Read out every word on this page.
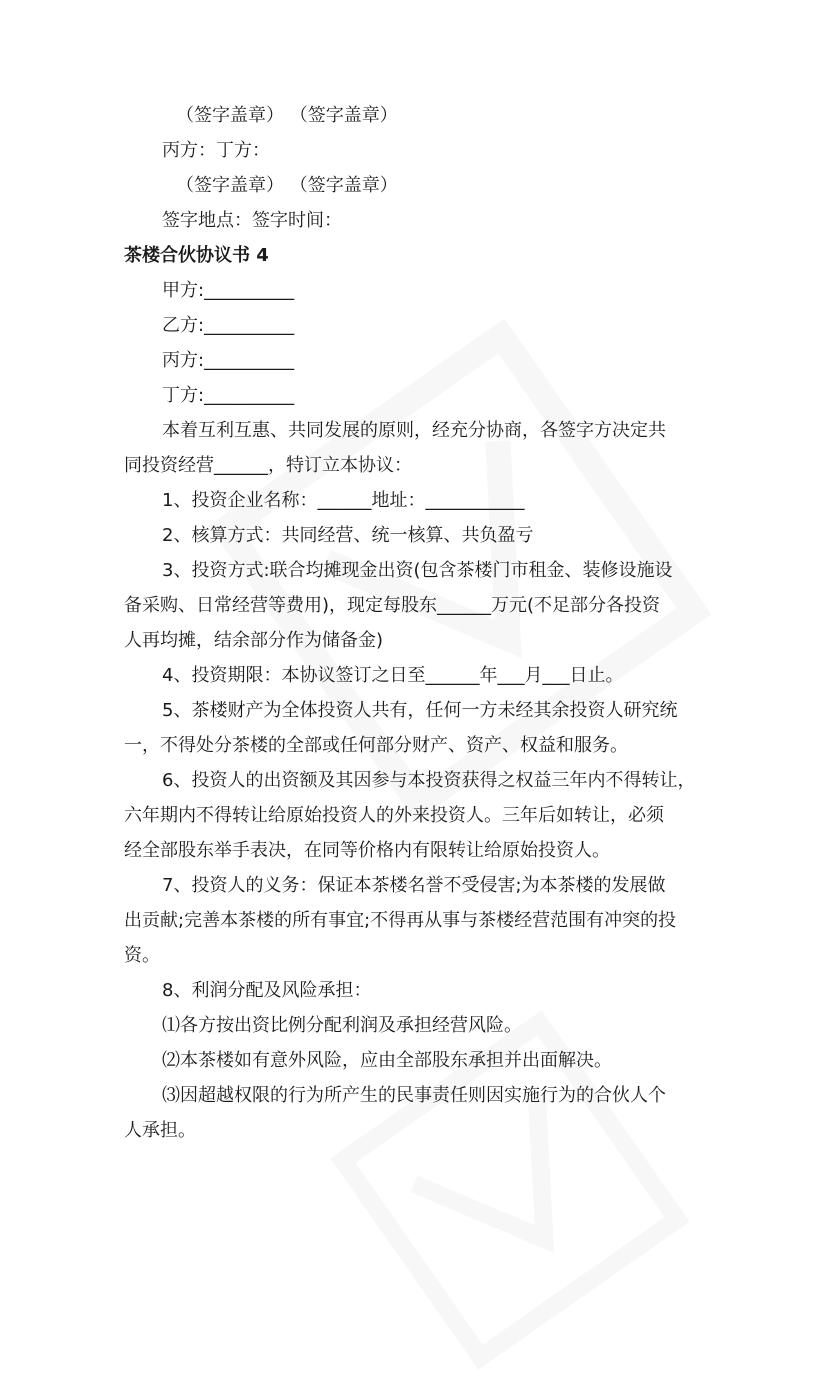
（签字盖章） （签字盖章）
丙方：丁方：
（签字盖章） （签字盖章）
签字地点：签字时间：
茶楼合伙协议书 4
甲方:__________
乙方:__________
丙方:__________
丁方:__________
本着互利互惠、共同发展的原则，经充分协商，各签字方决定共
同投资经营______，特订立本协议：
1、投资企业名称：______地址：___________
2、核算方式：共同经营、统一核算、共负盈亏
3、投资方式:联合均摊现金出资(包含茶楼门市租金、装修设施设
备采购、日常经营等费用)，现定每股东______万元(不足部分各投资
人再均摊，结余部分作为储备金)
4、投资期限：本协议签订之日至______年___月___日止。
5、茶楼财产为全体投资人共有，任何一方未经其余投资人研究统
一，不得处分茶楼的全部或任何部分财产、资产、权益和服务。
6、投资人的出资额及其因参与本投资获得之权益三年内不得转让，
六年期内不得转让给原始投资人的外来投资人。三年后如转让，必须
经全部股东举手表决，在同等价格内有限转让给原始投资人。
7、投资人的义务：保证本茶楼名誉不受侵害;为本茶楼的发展做
出贡献;完善本茶楼的所有事宜;不得再从事与茶楼经营范围有冲突的投
资。
8、利润分配及风险承担：
⑴各方按出资比例分配利润及承担经营风险。
⑵本茶楼如有意外风险，应由全部股东承担并出面解决。
⑶因超越权限的行为所产生的民事责任则因实施行为的合伙人个
人承担。
